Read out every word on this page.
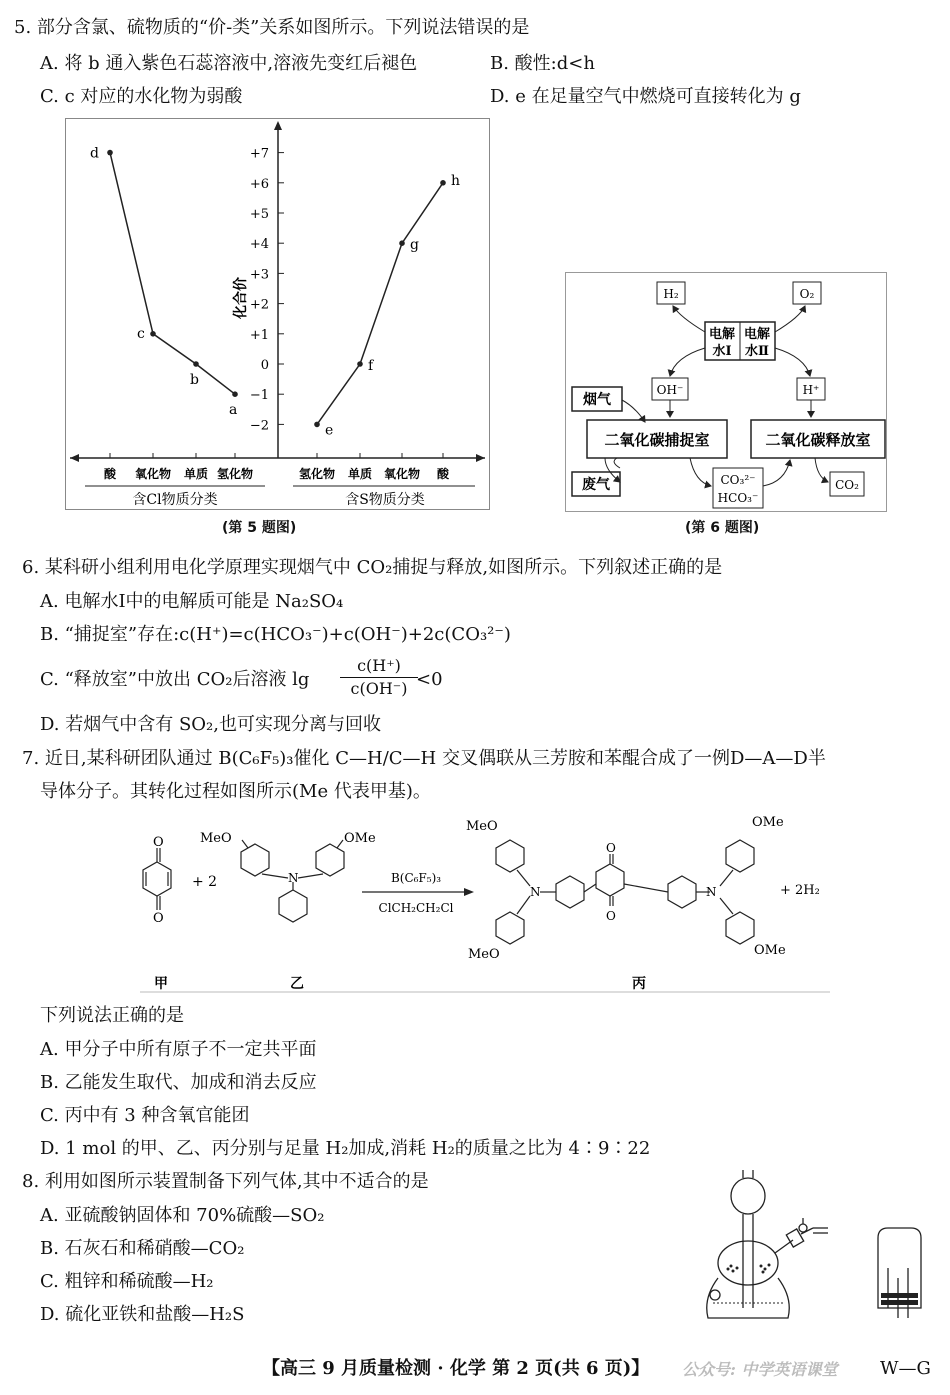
5. 部分含氯、硫物质的“价-类”关系如图所示。下列说法错误的是
A. 将 b 通入紫色石蕊溶液中,溶液先变红后褪色	B. 酸性:d<h
C. c 对应的水化物为弱酸	D. e 在足量空气中燃烧可直接转化为 g
+7
+6
+5
+4
+3
+2
+1
0
−1
−2
化合价
酸 氧化物 单质 氢化物	氢化物 单质 氧化物 酸
含Cl物质分类	含S物质分类
d
c
b
a
e
f
g
h
(第 5 题图)
H₂	O₂
电解
水Ⅰ
电解
水Ⅱ
OH⁻	H⁺
烟气
二氧化碳捕捉室	二氧化碳释放室
废气	CO₃²⁻
HCO₃⁻
CO₂
(第 6 题图)
6. 某科研小组利用电化学原理实现烟气中 CO₂捕捉与释放,如图所示。下列叙述正确的是
A. 电解水Ⅰ中的电解质可能是 Na₂SO₄
B. “捕捉室”存在:c(H⁺)=c(HCO₃⁻)+c(OH⁻)+2c(CO₃²⁻)
C. “释放室”中放出 CO₂后溶液 $\lg \frac{c(H^+)}{c(OH^-)}$
<0
D. 若烟气中含有 SO₂,也可实现分离与回收
7. 近日,某科研团队通过 B(C₆F₅)₃催化 C—H/C—H 交叉偶联从三芳胺和苯醌合成了一例D—A—D半
导体分子。其转化过程如图所示(Me 代表甲基)。
O
O
+ 2
MeO	OMe
N	B(C₆F₅)₃
ClCH₂CH₂Cl
MeO
MeO
OMe
OMe
N	N
O
O
+ 2H₂
甲	乙	丙
下列说法正确的是
A. 甲分子中所有原子不一定共平面
B. 乙能发生取代、加成和消去反应
C. 丙中有 3 种含氧官能团
D. 1 mol 的甲、乙、丙分别与足量 H₂加成,消耗 H₂的质量之比为 4∶9∶22
8. 利用如图所示装置制备下列气体,其中不适合的是
A. 亚硫酸钠固体和 70%硫酸—SO₂
B. 石灰石和稀硝酸—CO₂
C. 粗锌和稀硫酸—H₂
D. 硫化亚铁和盐酸—H₂S
【高三 9 月质量检测 · 化学 第 2 页(共 6 页)】 公众号: 中学英语课堂 W—G
